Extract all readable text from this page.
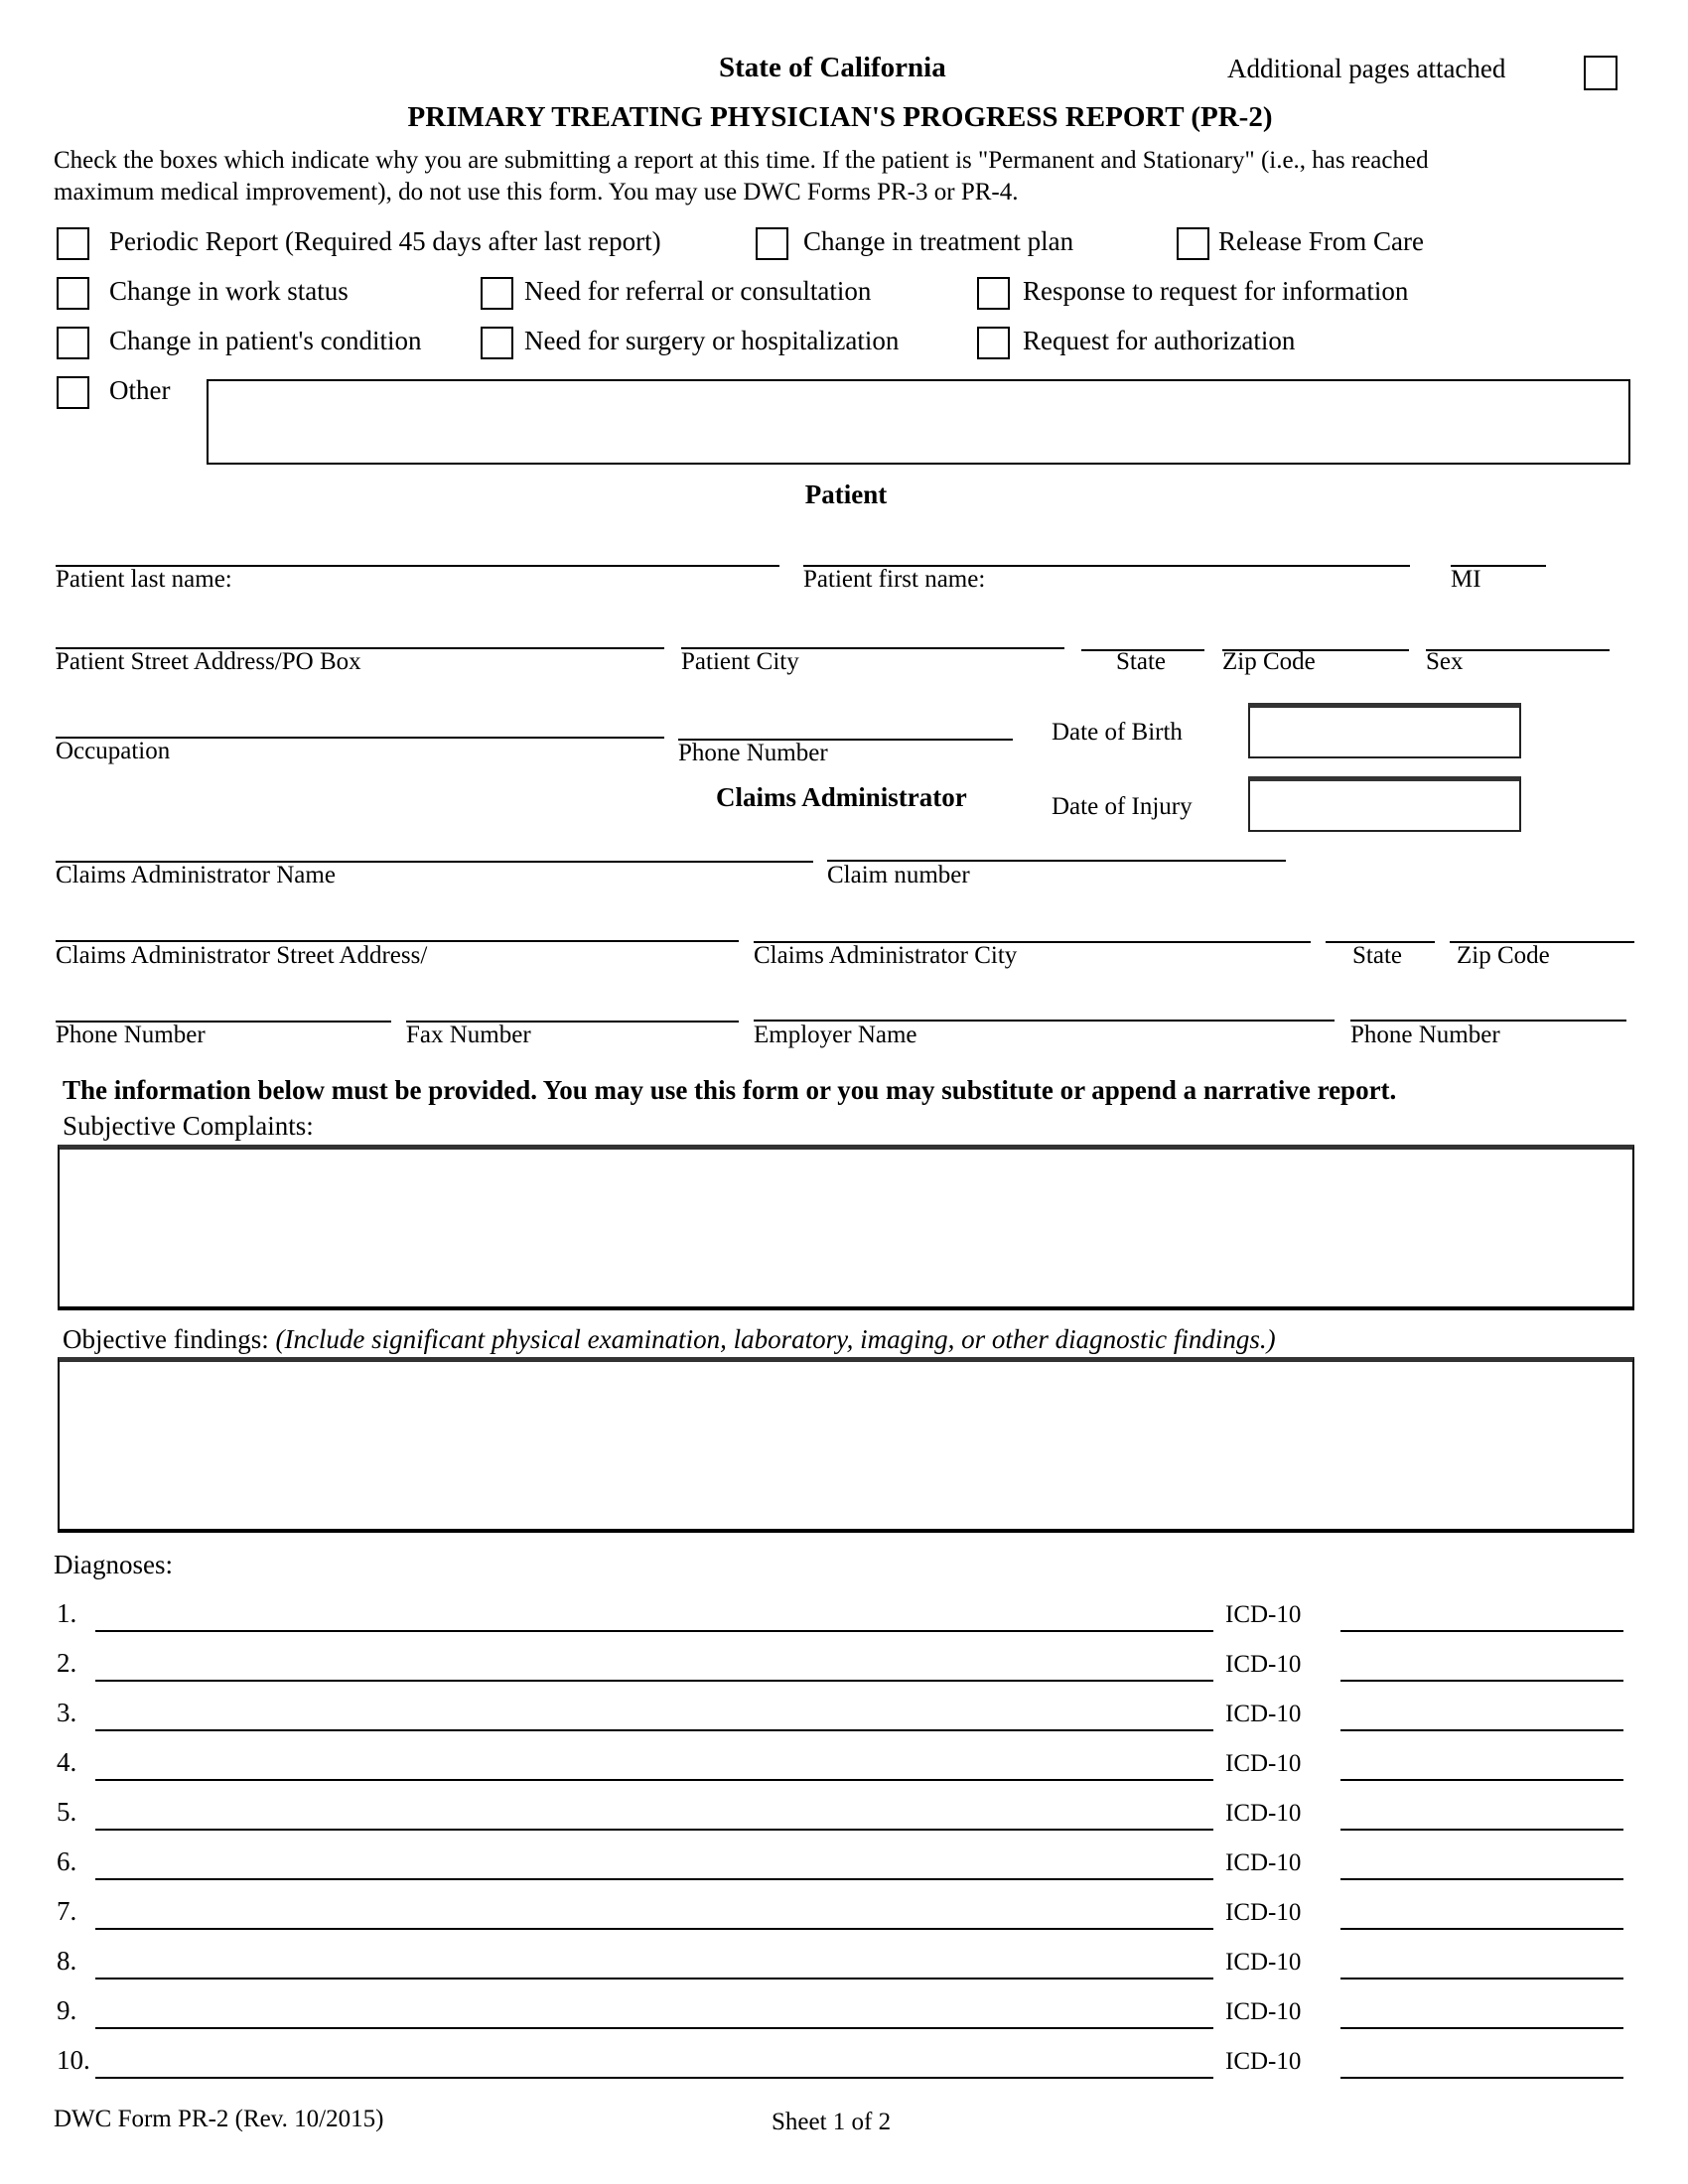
State of California	Additional pages attached
PRIMARY TREATING PHYSICIAN'S PROGRESS REPORT (PR-2)
Check the boxes which indicate why you are submitting a report at this time. If the patient is "Permanent and Stationary" (i.e., has reached
maximum medical improvement), do not use this form. You may use DWC Forms PR-3 or PR-4.
Periodic Report (Required 45 days after last report)	Change in treatment plan	Release From Care
Change in work status	Need for referral or consultation	Response to request for information
Change in patient's condition	Need for surgery or hospitalization	Request for authorization
Other
Patient
Patient last name:	Patient first name:	MI
Patient Street Address/PO Box	Patient City	State Zip Code	Sex
Occupation	Phone Number
Date of Birth
Claims Administrator	Date of Injury
Claims Administrator Name	Claim number
Claims Administrator Street Address/	Claims Administrator City	State Zip Code
Phone Number	Fax Number	Employer Name	Phone Number
The information below must be provided. You may use this form or you may substitute or append a narrative report.
Subjective Complaints:
Objective findings: (Include significant physical examination, laboratory, imaging, or other diagnostic findings.)
Diagnoses:
1.	ICD-10
2.	ICD-10
3.	ICD-10
4.	ICD-10
5.	ICD-10
6.	ICD-10
7.	ICD-10
8.	ICD-10
9.	ICD-10
10.	ICD-10
DWC Form PR-2 (Rev. 10/2015)	Sheet 1 of 2
